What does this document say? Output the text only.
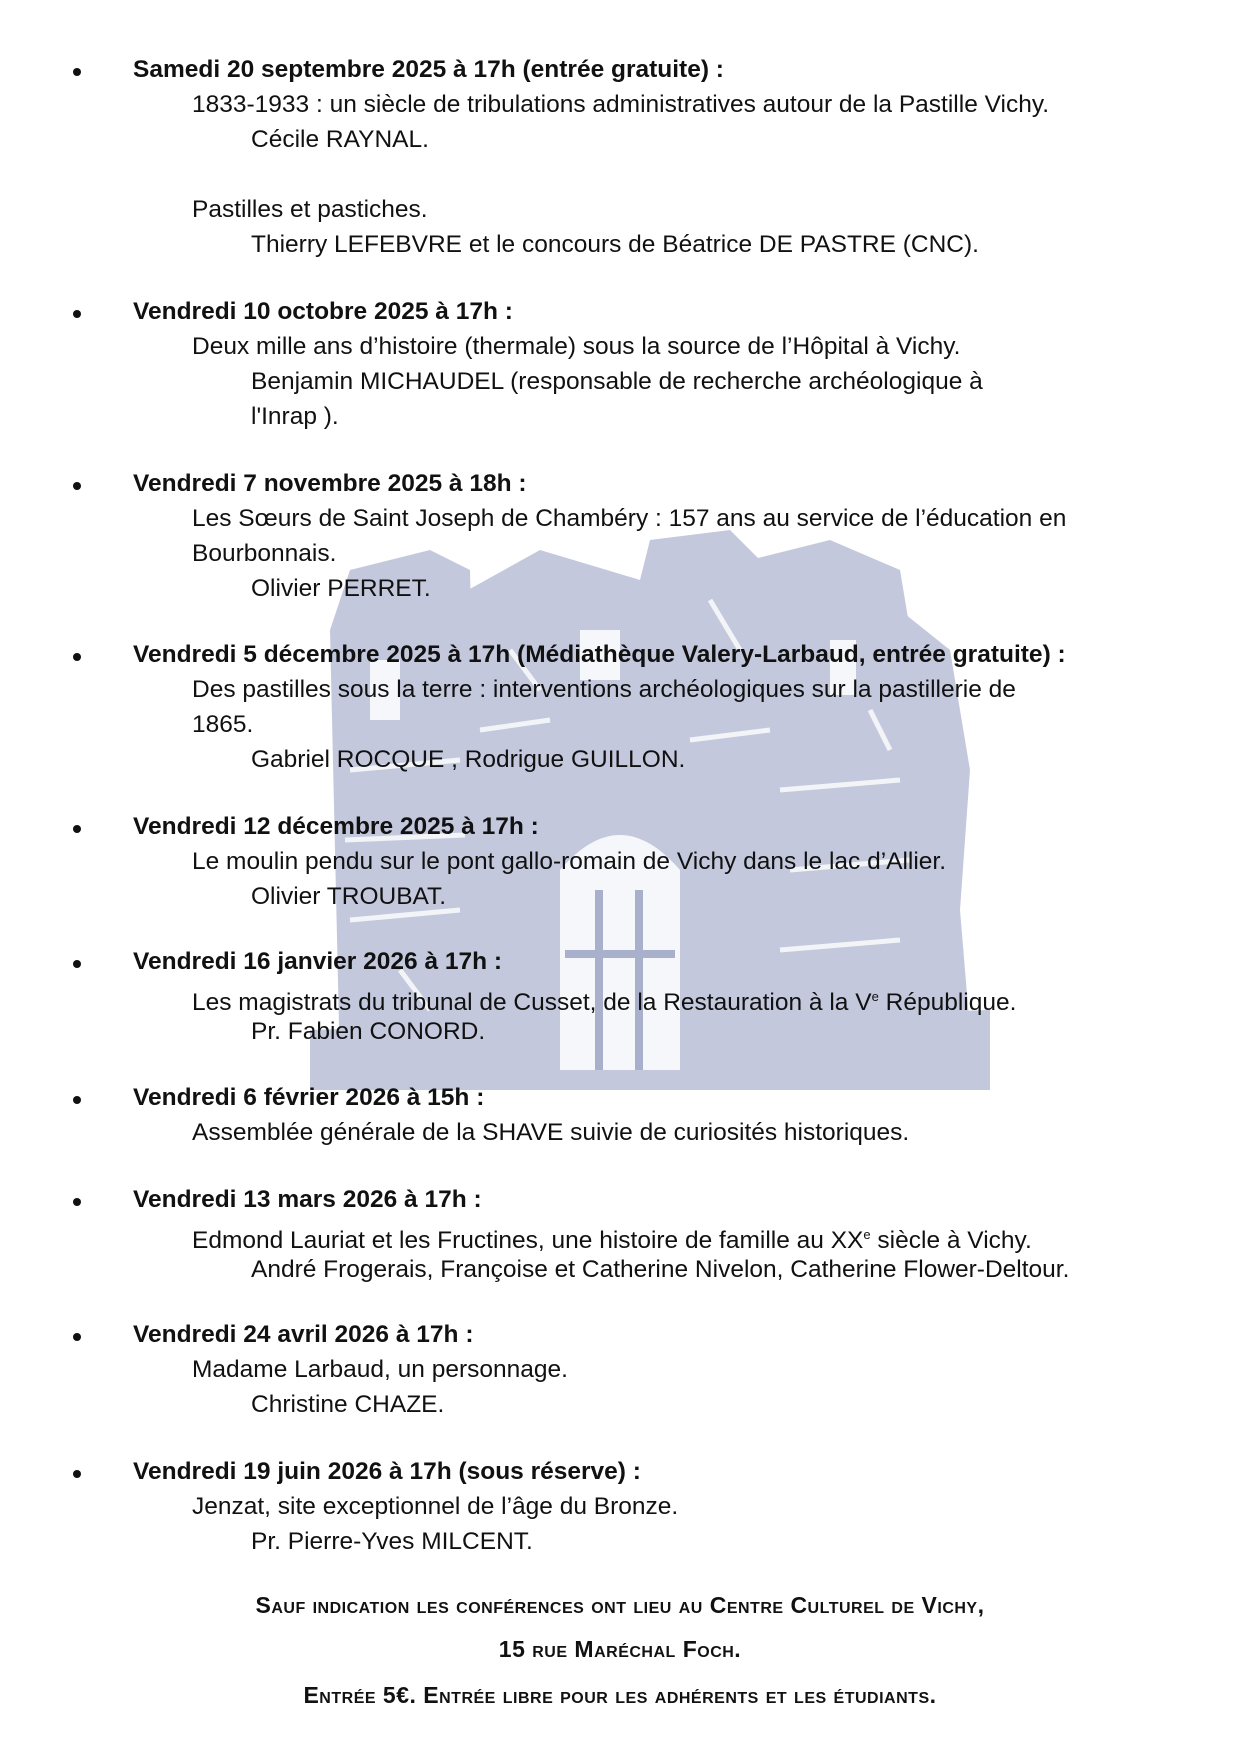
Samedi 20 septembre 2025 à 17h (entrée gratuite) :
1833-1933 : un siècle de tribulations administratives autour de la Pastille Vichy.
Cécile RAYNAL.
Pastilles et pastiches.
Thierry LEFEBVRE et le concours de Béatrice DE PASTRE (CNC).
Vendredi 10 octobre 2025 à 17h :
Deux mille ans d’histoire (thermale) sous la source de l’Hôpital à Vichy.
Benjamin MICHAUDEL (responsable de recherche archéologique à
l'Inrap ).
Vendredi 7 novembre 2025 à 18h :
Les Sœurs de Saint Joseph de Chambéry : 157 ans au service de l’éducation en
Bourbonnais.
Olivier PERRET.
Vendredi 5 décembre 2025 à 17h (Médiathèque Valery-Larbaud, entrée gratuite) :
Des pastilles sous la terre : interventions archéologiques sur la pastillerie de
1865.
Gabriel ROCQUE , Rodrigue GUILLON.
Vendredi 12 décembre 2025 à 17h :
Le moulin pendu sur le pont gallo-romain de Vichy dans le lac d’Allier.
Olivier TROUBAT.
Vendredi 16 janvier 2026 à 17h :
Les magistrats du tribunal de Cusset, de la Restauration à la Ve République.
Pr. Fabien CONORD.
Vendredi 6 février 2026 à 15h :
Assemblée générale de la SHAVE suivie de curiosités historiques.
Vendredi 13 mars 2026 à 17h :
Edmond Lauriat et les Fructines, une histoire de famille au XXe siècle à Vichy.
André Frogerais, Françoise et Catherine Nivelon, Catherine Flower-Deltour.
Vendredi 24 avril 2026 à 17h :
Madame Larbaud, un personnage.
Christine CHAZE.
Vendredi 19 juin 2026 à 17h (sous réserve) :
Jenzat, site exceptionnel de l’âge du Bronze.
Pr. Pierre-Yves MILCENT.
Sauf indication les conférences ont lieu au Centre Culturel de Vichy,
15 rue Maréchal Foch.
Entrée 5€. Entrée libre pour les adhérents et les étudiants.
